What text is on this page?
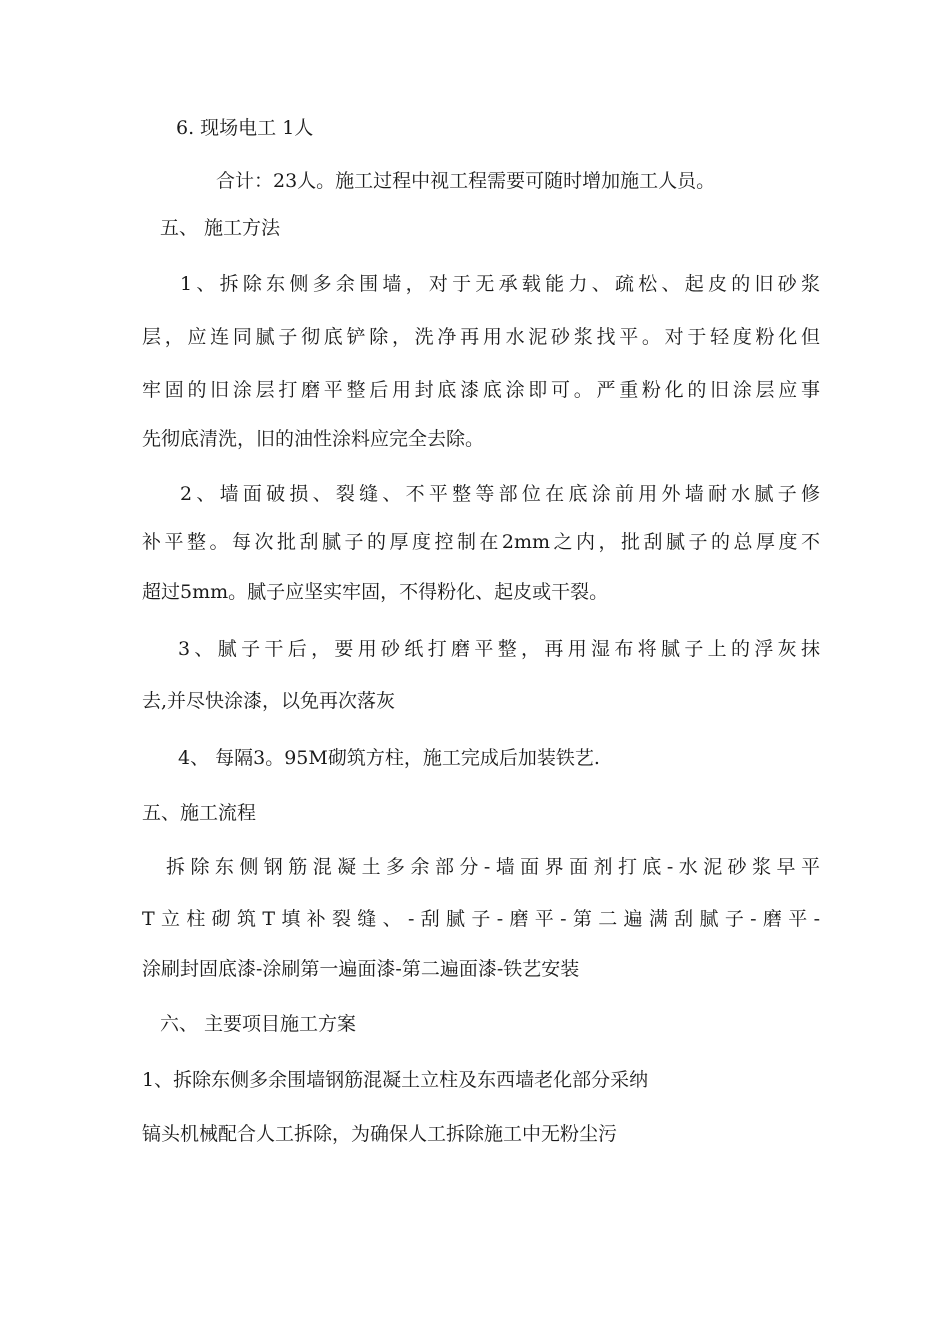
6. 现场电工 1人
合计：23人。施工过程中视工程需要可随时增加施工人员。
五、 施工方法
1、拆除东侧多余围墙，对于无承载能力、疏松、起皮的旧砂浆
层，应连同腻子彻底铲除，洗净再用水泥砂浆找平。对于轻度粉化但
牢固的旧涂层打磨平整后用封底漆底涂即可。严重粉化的旧涂层应事
先彻底清洗，旧的油性涂料应完全去除。
2、墙面破损、裂缝、不平整等部位在底涂前用外墙耐水腻子修
补平整。每次批刮腻子的厚度控制在2mm之内，批刮腻子的总厚度不
超过5mm。腻子应坚实牢固，不得粉化、起皮或干裂。
3、腻子干后，要用砂纸打磨平整，再用湿布将腻子上的浮灰抹
去,并尽快涂漆，以免再次落灰
4、 每隔3。95M砌筑方柱，施工完成后加装铁艺.
五、施工流程
拆除东侧钢筋混凝土多余部分-墙面界面剂打底-水泥砂浆早平
T立柱砌筑T填补裂缝、-刮腻子-磨平-第二遍满刮腻子-磨平-
涂刷封固底漆-涂刷第一遍面漆-第二遍面漆-铁艺安装
六、 主要项目施工方案
1、拆除东侧多余围墙钢筋混凝土立柱及东西墙老化部分采纳
镐头机械配合人工拆除，为确保人工拆除施工中无粉尘污
